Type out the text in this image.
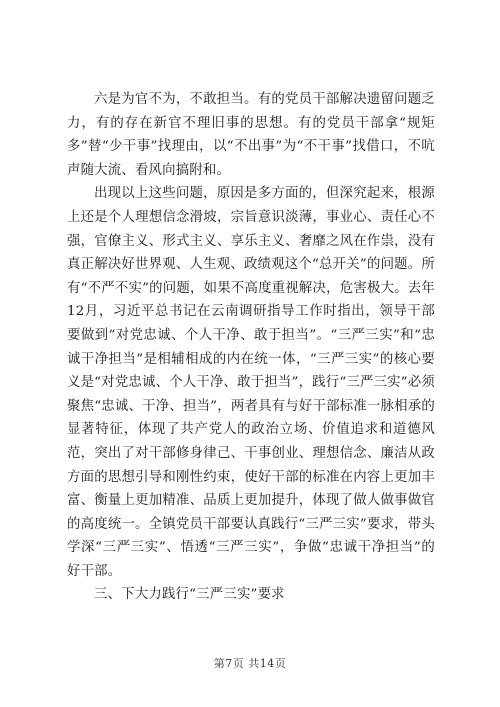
六是为官不为，不敢担当。有的党员干部解决遗留问题乏力，有的存在新官不理旧事的思想。有的党员干部拿“规矩多”替“少干事”找理由，以“不出事”为“不干事”找借口，不吭声随大流、看风向搞附和。

出现以上这些问题，原因是多方面的，但深究起来，根源上还是个人理想信念滑坡，宗旨意识淡薄，事业心、责任心不强，官僚主义、形式主义、享乐主义、奢靡之风在作祟，没有真正解决好世界观、人生观、政绩观这个“总开关”的问题。所有“不严不实”的问题，如果不高度重视解决，危害极大。去年12月，习近平总书记在云南调研指导工作时指出，领导干部要做到“对党忠诚、个人干净、敢于担当”。“三严三实”和“忠诚干净担当”是相辅相成的内在统一体，“三严三实”的核心要义是“对党忠诚、个人干净、敢于担当”，践行“三严三实”必须聚焦“忠诚、干净、担当”，两者具有与好干部标准一脉相承的显著特征，体现了共产党人的政治立场、价值追求和道德风范，突出了对干部修身律己、干事创业、理想信念、廉洁从政方面的思想引导和刚性约束，使好干部的标准在内容上更加丰富、衡量上更加精准、品质上更加提升，体现了做人做事做官的高度统一。全镇党员干部要认真践行“三严三实”要求，带头学深“三严三实”、悟透“三严三实”，争做“忠诚干净担当”的好干部。

三、下大力践行“三严三实”要求

第7页 共14页
